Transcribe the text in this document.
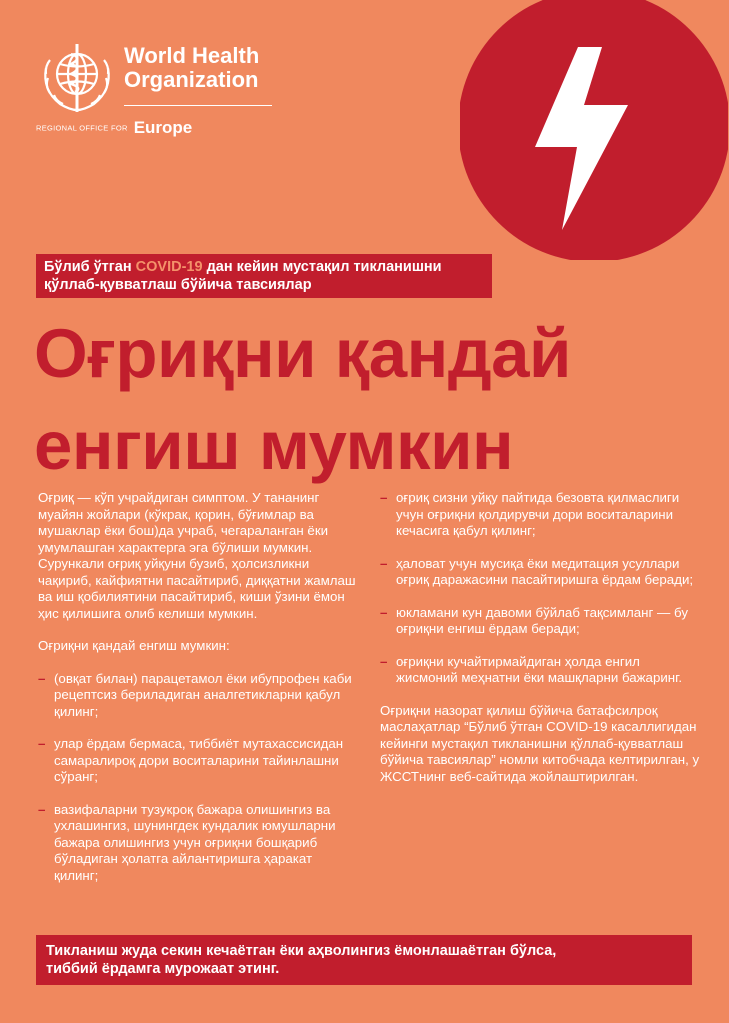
World Health
Organization
REGIONAL OFFICE FOR Europe
Бўлиб ўтган COVID-19 дан кейин мустақил тикланишни
қўллаб-қувватлаш бўйича тавсиялар
Оғриқни қандай
енгиш мумкин

Оғриқ — кўп учрайдиган симптом. У тананинг муайян жойлари (кўкрак, қорин, бўғимлар ва мушаклар ёки бош)да учраб, чегараланган ёки умумлашган характерга эга бўлиши мумкин. Сурункали оғриқ уйқуни бузиб, ҳолсизликни чақириб, кайфиятни пасайтириб, диққатни жамлаш ва иш қобилиятини пасайтириб, киши ўзини ёмон ҳис қилишига олиб келиши мумкин.

Оғриқни қандай енгиш мумкин:

– (овқат билан) парацетамол ёки ибупрофен каби рецептсиз бериладиган аналгетикларни қабул қилинг;
– улар ёрдам бермаса, тиббиёт мутахассисидан самаралироқ дори воситаларини тайинлашни сўранг;
– вазифаларни тузукроқ бажара олишингиз ва ухлашингиз, шунингдек кундалик юмушларни бажара олишингиз учун оғриқни бошқариб бўладиган ҳолатга айлантиришга ҳаракат қилинг;
– оғриқ сизни уйқу пайтида безовта қилмаслиги учун оғриқни қолдирувчи дори воситаларини кечасига қабул қилинг;
– ҳаловат учун мусиқа ёки медитация усуллари оғриқ даражасини пасайтиришга ёрдам беради;
– юкламани кун давоми бўйлаб тақсимланг — бу оғриқни енгиш ёрдам беради;
– оғриқни кучайтирмайдиган ҳолда енгил жисмоний меҳнатни ёки машқларни бажаринг.

Оғриқни назорат қилиш бўйича батафсилроқ маслаҳатлар “Бўлиб ўтган COVID-19 касаллигидан кейинги мустақил тикланишни қўллаб-қувватлаш бўйича тавсиялар” номли китобчада келтирилган, у ЖССТнинг веб-сайтида жойлаштирилган.

Тикланиш жуда секин кечаётган ёки аҳволингиз ёмонлашаётган бўлса,
тиббий ёрдамга мурожаат этинг.
